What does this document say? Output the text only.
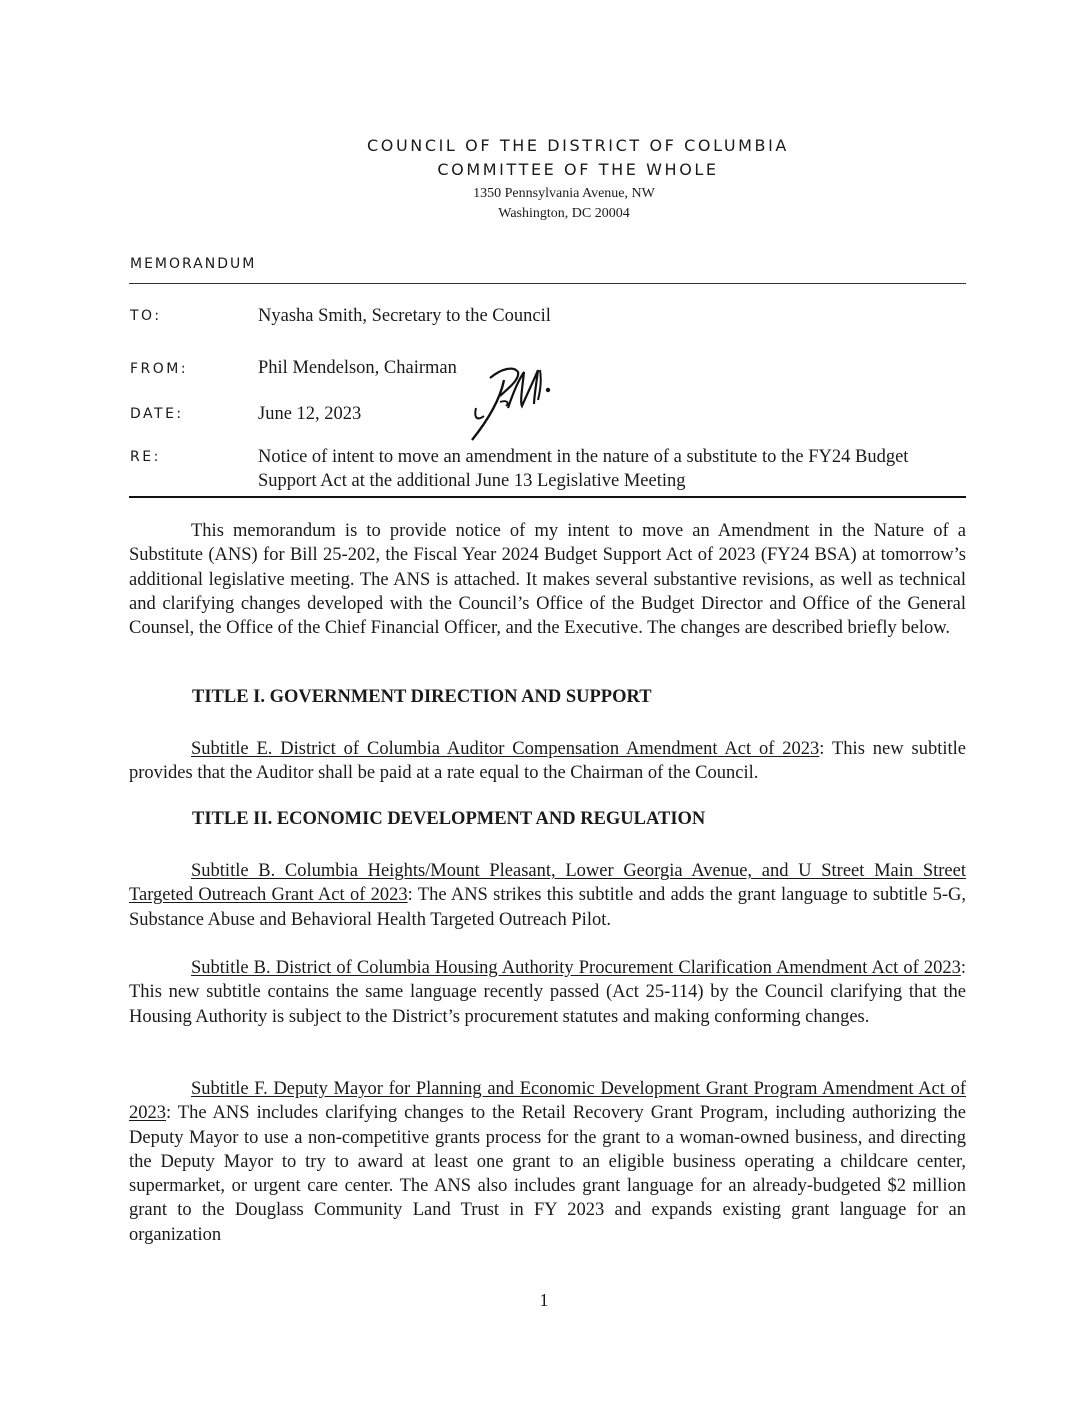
COUNCIL OF THE DISTRICT OF COLUMBIA
COMMITTEE OF THE WHOLE
1350 Pennsylvania Avenue, NW
Washington, DC 20004
MEMORANDUM
TO:	Nyasha Smith, Secretary to the Council
FROM:	Phil Mendelson, Chairman
DATE:	June 12, 2023
RE:	Notice of intent to move an amendment in the nature of a substitute to the FY24 Budget Support Act at the additional June 13 Legislative Meeting
This memorandum is to provide notice of my intent to move an Amendment in the Nature of a Substitute (ANS) for Bill 25-202, the Fiscal Year 2024 Budget Support Act of 2023 (FY24 BSA) at tomorrow’s additional legislative meeting. The ANS is attached. It makes several substantive revisions, as well as technical and clarifying changes developed with the Council’s Office of the Budget Director and Office of the General Counsel, the Office of the Chief Financial Officer, and the Executive. The changes are described briefly below.
TITLE I. GOVERNMENT DIRECTION AND SUPPORT
Subtitle E. District of Columbia Auditor Compensation Amendment Act of 2023: This new subtitle provides that the Auditor shall be paid at a rate equal to the Chairman of the Council.
TITLE II. ECONOMIC DEVELOPMENT AND REGULATION
Subtitle B. Columbia Heights/Mount Pleasant, Lower Georgia Avenue, and U Street Main Street Targeted Outreach Grant Act of 2023: The ANS strikes this subtitle and adds the grant language to subtitle 5-G, Substance Abuse and Behavioral Health Targeted Outreach Pilot.
Subtitle B. District of Columbia Housing Authority Procurement Clarification Amendment Act of 2023: This new subtitle contains the same language recently passed (Act 25-114) by the Council clarifying that the Housing Authority is subject to the District’s procurement statutes and making conforming changes.
Subtitle F. Deputy Mayor for Planning and Economic Development Grant Program Amendment Act of 2023: The ANS includes clarifying changes to the Retail Recovery Grant Program, including authorizing the Deputy Mayor to use a non-competitive grants process for the grant to a woman-owned business, and directing the Deputy Mayor to try to award at least one grant to an eligible business operating a childcare center, supermarket, or urgent care center. The ANS also includes grant language for an already-budgeted $2 million grant to the Douglass Community Land Trust in FY 2023 and expands existing grant language for an organization
1
